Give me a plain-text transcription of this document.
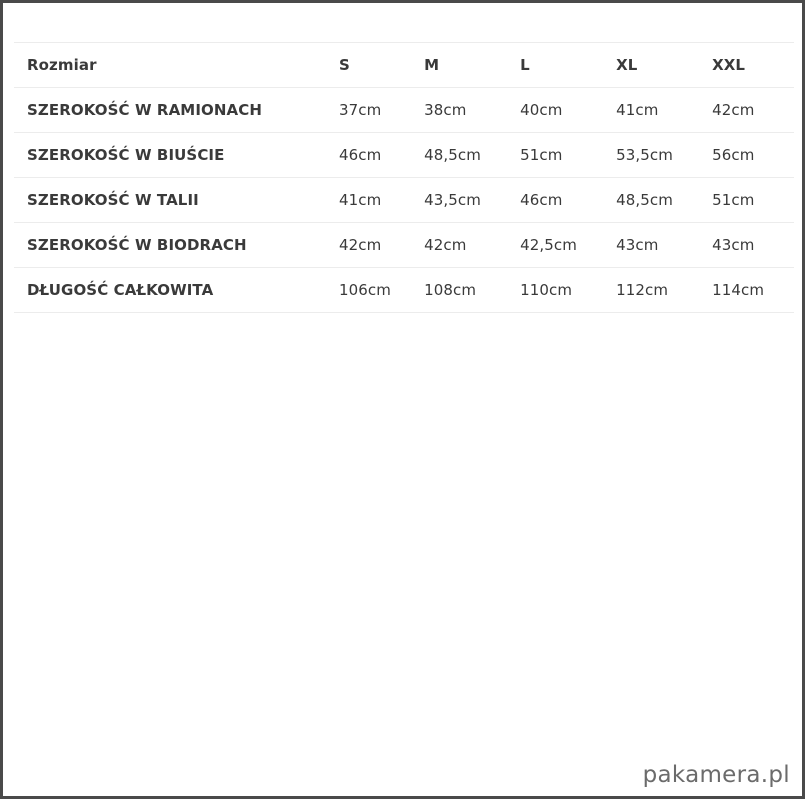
Rozmiar	S	M	L	XL	XXL
SZEROKOŚĆ W RAMIONACH	37cm	38cm	40cm	41cm	42cm
SZEROKOŚĆ W BIUŚCIE	46cm	48,5cm	51cm	53,5cm	56cm
SZEROKOŚĆ W TALII	41cm	43,5cm	46cm	48,5cm	51cm
SZEROKOŚĆ W BIODRACH	42cm	42cm	42,5cm	43cm	43cm
DŁUGOŚĆ CAŁKOWITA	106cm	108cm	110cm	112cm	114cm
pakamera.pl
